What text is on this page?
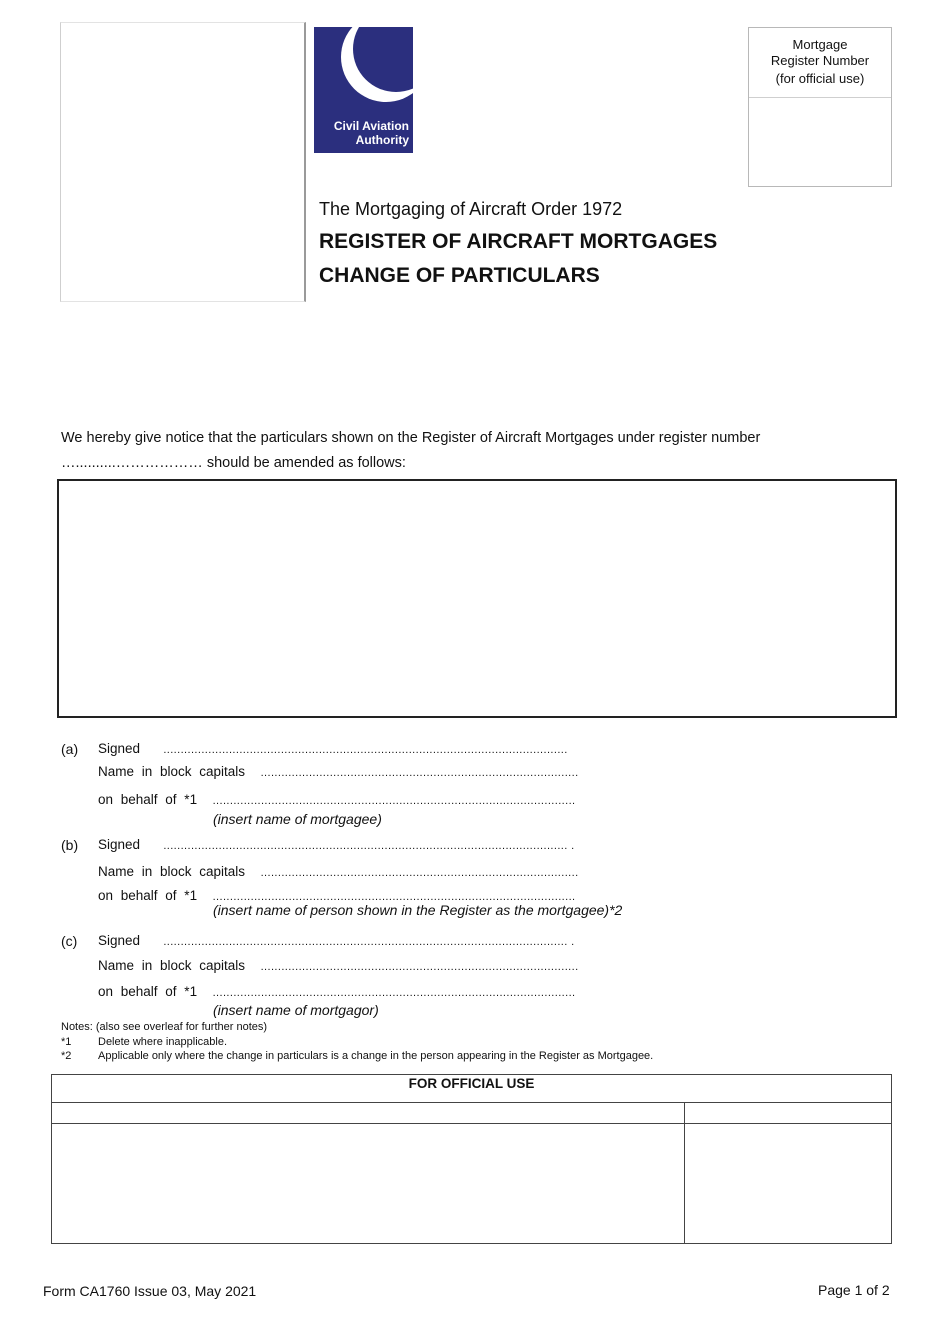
Civil Aviation Authority
Mortgage
Register Number
(for official use)
The Mortgaging of Aircraft Order 1972
REGISTER OF AIRCRAFT MORTGAGES
CHANGE OF PARTICULARS
We hereby give notice that the particulars shown on the Register of Aircraft Mortgages under register number
…..........……………… should be amended as follows:
(a) Signed .....................................................................................................................
Name in block capitals ............................................................................................
on behalf of *1 .........................................................................................................
(insert name of mortgagee)
(b) Signed ..................................................................................................................... .
Name in block capitals ............................................................................................
on behalf of *1 .........................................................................................................
(insert name of person shown in the Register as the mortgagee)*2
(c) Signed ..................................................................................................................... .
Name in block capitals ............................................................................................
on behalf of *1 .........................................................................................................
(insert name of mortgagor)
Notes: (also see overleaf for further notes)
*1 Delete where inapplicable.
*2 Applicable only where the change in particulars is a change in the person appearing in the Register as Mortgagee.
FOR OFFICIAL USE
Form CA1760 Issue 03, May 2021	Page 1 of 2
